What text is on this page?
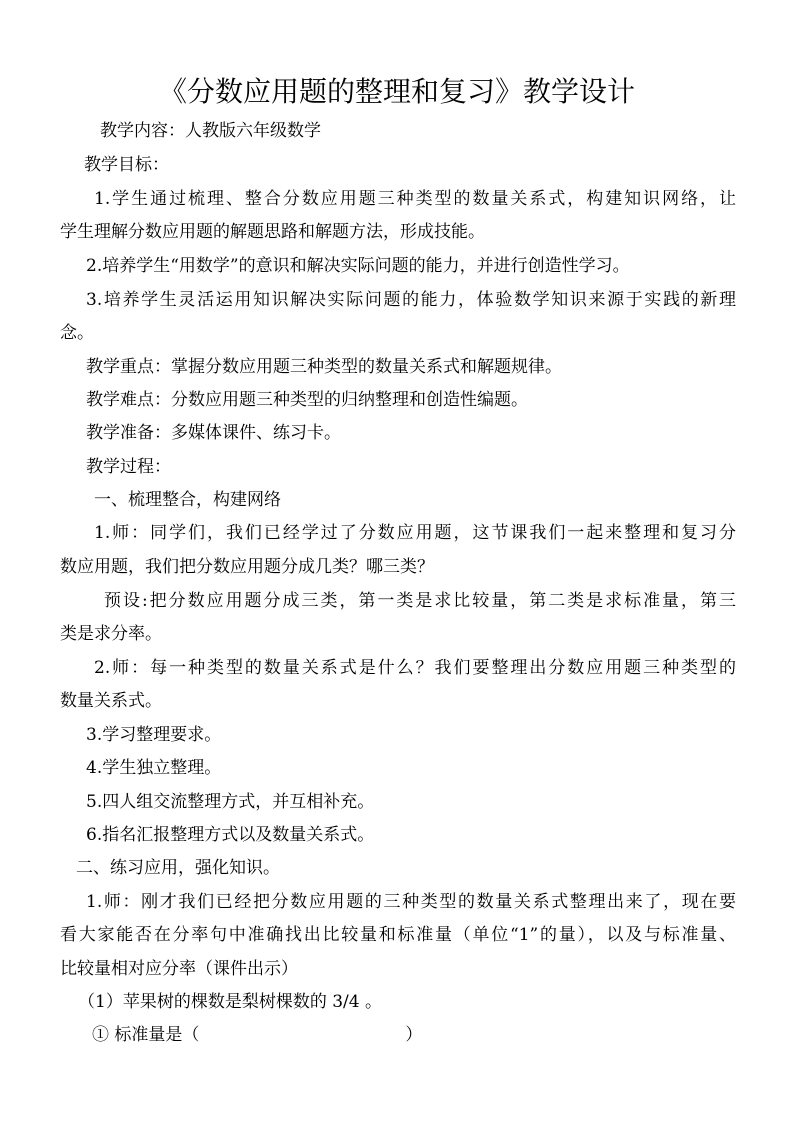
《分数应用题的整理和复习》教学设计
教学内容：人教版六年级数学
教学目标：
1.学生通过梳理、整合分数应用题三种类型的数量关系式，构建知识网络，让
学生理解分数应用题的解题思路和解题方法，形成技能。
2.培养学生“用数学”的意识和解决实际问题的能力，并进行创造性学习。
3.培养学生灵活运用知识解决实际问题的能力，体验数学知识来源于实践的新理
念。
教学重点：掌握分数应用题三种类型的数量关系式和解题规律。
教学难点：分数应用题三种类型的归纳整理和创造性编题。
教学准备：多媒体课件、练习卡。
教学过程：
一、梳理整合，构建网络
1.师：同学们，我们已经学过了分数应用题，这节课我们一起来整理和复习分
数应用题，我们把分数应用题分成几类？哪三类？
预设:把分数应用题分成三类，第一类是求比较量，第二类是求标准量，第三
类是求分率。
2.师：每一种类型的数量关系式是什么？我们要整理出分数应用题三种类型的
数量关系式。
3.学习整理要求。
4.学生独立整理。
5.四人组交流整理方式，并互相补充。
6.指名汇报整理方式以及数量关系式。
二、练习应用，强化知识。
1.师：刚才我们已经把分数应用题的三种类型的数量关系式整理出来了，现在要
看大家能否在分率句中准确找出比较量和标准量（单位“1”的量），以及与标准量、
比较量相对应分率（课件出示）
（1）苹果树的棵数是梨树棵数的 3/4 。
① 标准量是（	）
